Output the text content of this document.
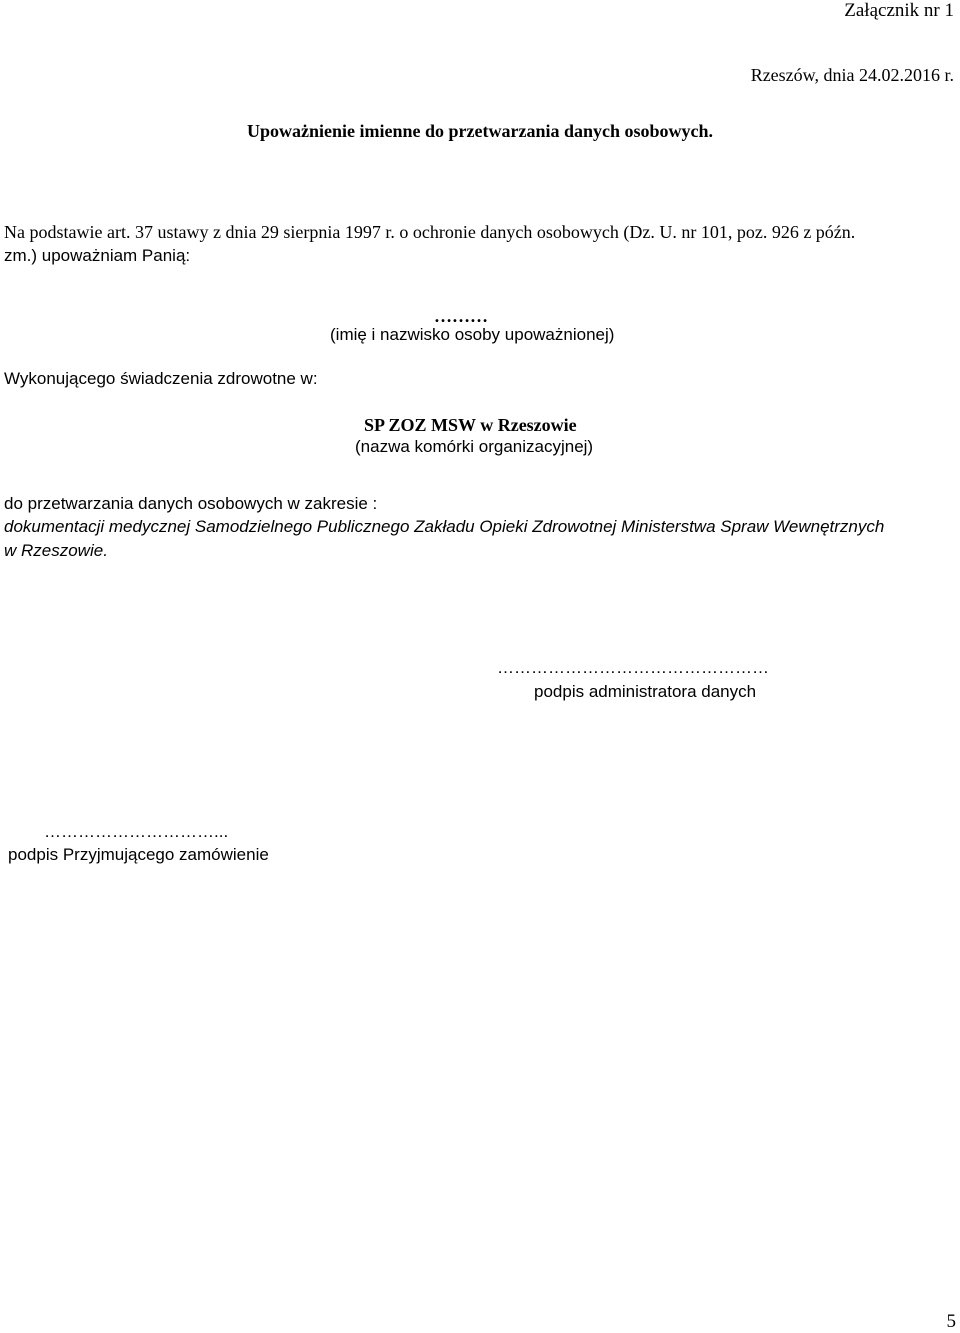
Załącznik nr 1
Rzeszów, dnia 24.02.2016 r.
Upoważnienie imienne do przetwarzania danych osobowych.
Na podstawie art. 37 ustawy z dnia 29 sierpnia 1997 r. o ochronie danych osobowych (Dz. U. nr 101, poz. 926 z późn.
zm.) upoważniam Panią:
………
(imię i nazwisko osoby upoważnionej)
Wykonującego świadczenia zdrowotne w:
SP ZOZ MSW w Rzeszowie
(nazwa komórki organizacyjnej)
do przetwarzania danych osobowych w zakresie :
dokumentacji medycznej Samodzielnego Publicznego Zakładu Opieki Zdrowotnej Ministerstwa Spraw Wewnętrznych
w Rzeszowie.
…………………………………………
podpis administratora danych
…………………………...
podpis Przyjmującego zamówienie
5
